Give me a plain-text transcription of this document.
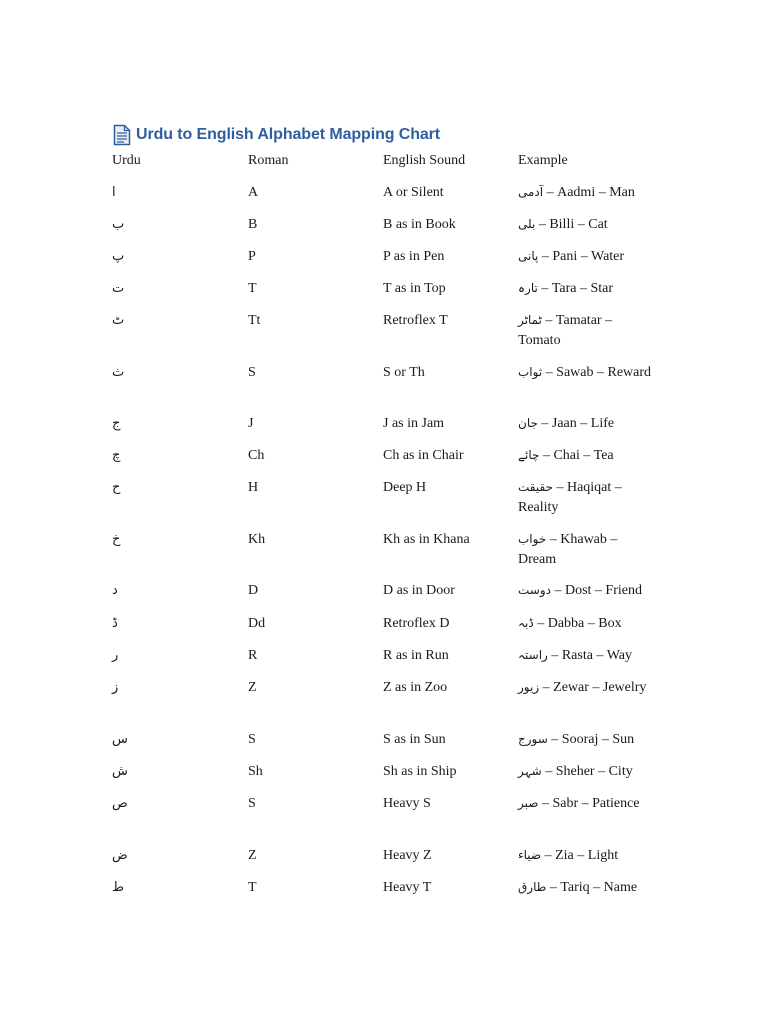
Urdu to English Alphabet Mapping Chart
Urdu	Roman	English Sound	Example
ا	A	A or Silent	آدمی – Aadmi – Man
ب	B	B as in Book	بلی – Billi – Cat
پ	P	P as in Pen	پانی – Pani – Water
ت	T	T as in Top	تارہ – Tara – Star
ٹ	Tt	Retroflex T	ٹماٹر – Tamatar – Tomato
ث	S	S or Th	ثواب – Sawab – Reward
ج	J	J as in Jam	جان – Jaan – Life
چ	Ch	Ch as in Chair	چائے – Chai – Tea
ح	H	Deep H	حقیقت – Haqiqat – Reality
خ	Kh	Kh as in Khana	خواب – Khawab – Dream
د	D	D as in Door	دوست – Dost – Friend
ڈ	Dd	Retroflex D	ڈبہ – Dabba – Box
ر	R	R as in Run	راستہ – Rasta – Way
ز	Z	Z as in Zoo	زیور – Zewar – Jewelry
س	S	S as in Sun	سورج – Sooraj – Sun
ش	Sh	Sh as in Ship	شہر – Sheher – City
ص	S	Heavy S	صبر – Sabr – Patience
ض	Z	Heavy Z	ضیاء – Zia – Light
ط	T	Heavy T	طارق – Tariq – Name
